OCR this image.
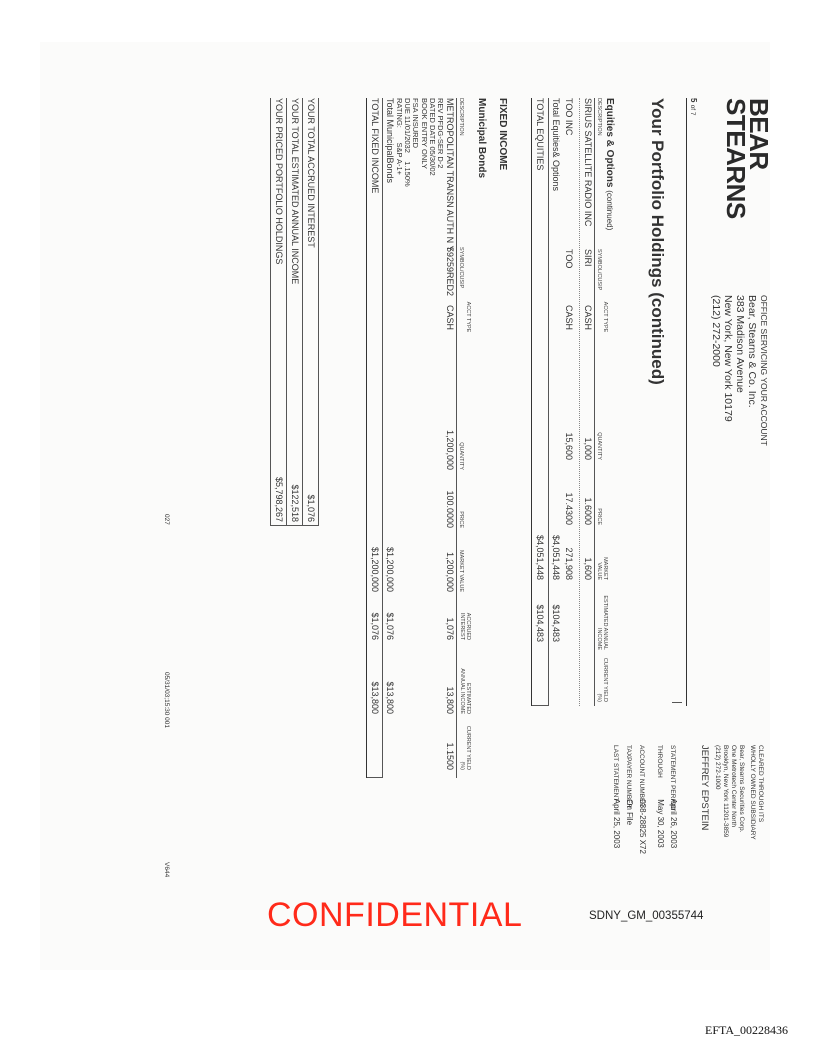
BEAR
STEARNS
5 of 7
OFFICE SERVICING YOUR ACCOUNT
Bear, Stearns & Co. Inc.
383 Madison Avenue
New York, New York 10179
(212) 272-2000
CLEARED THROUGH ITS
WHOLLY OWNED SUBSIDIARY
Bear, Stearns Securities Corp.
One Metrotech Center North
Brooklyn, New York 11201-3859
(212) 272-1000
JEFFREY EPSTEIN
STATEMENT PERIOD April 26, 2003
THROUGH May 30, 2003
ACCOUNT NUMBER 038-28825 X72
TAXPAYER NUMBER On File
LAST STATEMENT April 25, 2003
Your Portfolio Holdings (continued)
Equities & Options (continued)
DESCRIPTION
SYMBOL/CUSIP
ACCT TYPE
QUANTITY
PRICE
MARKET VALUE
ESTIMATED ANNUAL INCOME
CURRENT YIELD (%)
SIRIUS SATELLITE RADIO INC
SIRI
CASH
1,000
1.6000
1,600
TOO INC
TOO
CASH
15,600
17.4300
271,908
Total Equities& Options
$4,051,448
$104,483
TOTAL EQUITIES
$4,051,448
$104,483
FIXED INCOME
Municipal Bonds
DESCRIPTION
SYMBOL/CUSIP
ACCT TYPE
QUANTITY
PRICE
MARKET VALUE
ACCRUED INTEREST
ESTIMATED ANNUAL INCOME
CURRENT YIELD (%)
METROPOLITAN TRANSN AUTH N Y
59259RED2
CASH
1,200,000
100.0000
1,200,000
1,076
13,800
1.1500
REV PFDG-SER D-2
DATED DATE 05/30/02
BOOK ENTRY ONLY
FSA INSURED
DUE 11/01/2032    1.150%
RATING:       S&P A-1+
Total MunicipalBonds
$1,200,000
$1,076
$13,800
TOTAL FIXED INCOME
$1,200,000
$1,076
$13,800
YOUR TOTAL ACCRUED INTEREST
$1,076
YOUR TOTAL ESTIMATED ANNUAL INCOME
$122,518
YOUR PRICED PORTFOLIO HOLDINGS
$5,798,267
027
05/31/03;15:30 001
V644
CONFIDENTIAL	SDNY_GM_00355744
EFTA_00228436
